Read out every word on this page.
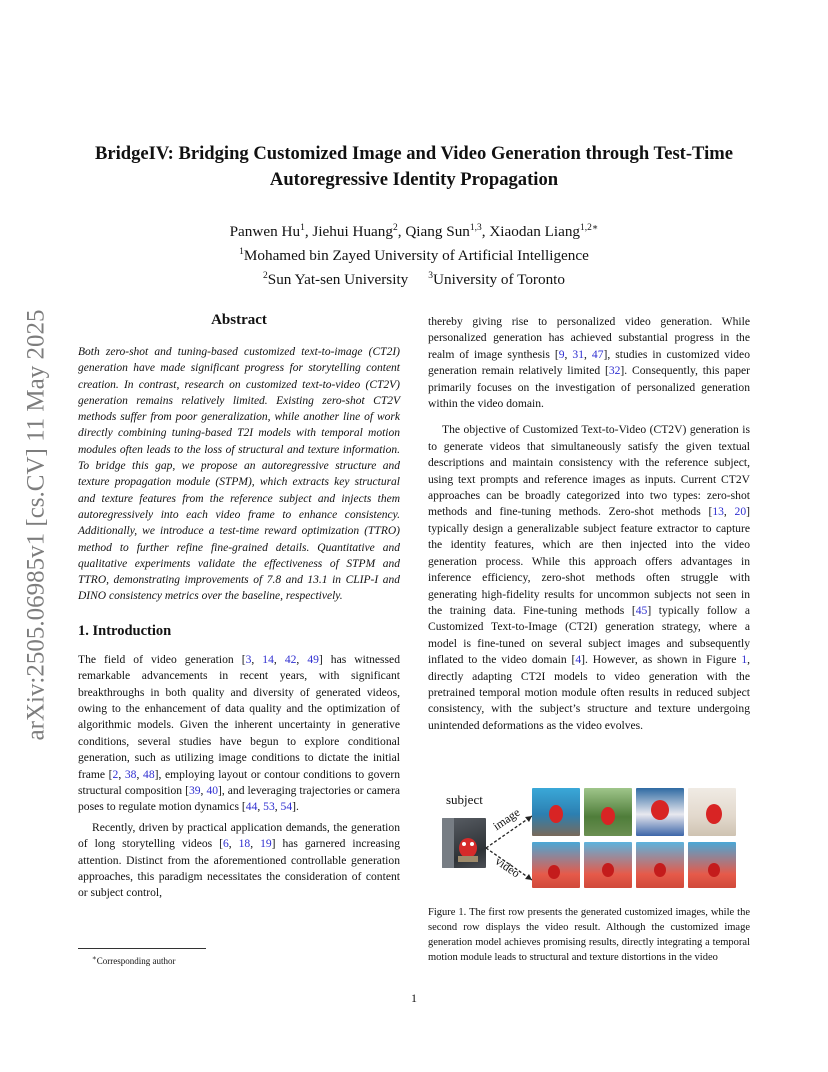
arXiv:2505.06985v1 [cs.CV] 11 May 2025
BridgeIV: Bridging Customized Image and Video Generation through Test-Time
Autoregressive Identity Propagation
Panwen Hu$^1$, Jiehui Huang$^2$, Qiang Sun$^{1,3}$, Xiaodan Liang$^{1,2∗}$
$^1$Mohamed bin Zayed University of Artificial Intelligence
$^2$Sun Yat-sen University $^3$University of Toronto
Abstract

Both zero-shot and tuning-based customized text-to-image (CT2I) generation have made significant progress for storytelling content creation. In contrast, research on customized text-to-video (CT2V) generation remains relatively limited. Existing zero-shot CT2V methods suffer from poor generalization, while another line of work directly combining tuning-based T2I models with temporal motion modules often leads to the loss of structural and texture information. To bridge this gap, we propose an autoregressive structure and texture propagation module (STPM), which extracts key structural and texture features from the reference subject and injects them autoregressively into each video frame to enhance consistency. Additionally, we introduce a test-time reward optimization (TTRO) method to further refine fine-grained details. Quantitative and qualitative experiments validate the effectiveness of STPM and TTRO, demonstrating improvements of 7.8 and 13.1 in CLIP-I and DINO consistency metrics over the baseline, respectively.

1. Introduction

The field of video generation [3, 14, 42, 49] has witnessed remarkable advancements in recent years, with significant breakthroughs in both quality and diversity of generated videos, owing to the enhancement of data quality and the optimization of algorithmic models. Given the inherent uncertainty in generative conditions, several studies have begun to explore conditional generation, such as utilizing image conditions to dictate the initial frame [2, 38, 48], employing layout or contour conditions to govern structural composition [39, 40], and leveraging trajectories or camera poses to regulate motion dynamics [44, 53, 54].

Recently, driven by practical application demands, the generation of long storytelling videos [6, 18, 19] has garnered increasing attention. Distinct from the aforementioned controllable generation approaches, this paradigm necessitates the consideration of content or subject control,

∗Corresponding author

thereby giving rise to personalized video generation. While personalized generation has achieved substantial progress in the realm of image synthesis [9, 31, 47], studies in customized video generation remain relatively limited [32]. Consequently, this paper primarily focuses on the investigation of personalized generation within the video domain.

The objective of Customized Text-to-Video (CT2V) generation is to generate videos that simultaneously satisfy the given textual descriptions and maintain consistency with the reference subject, using text prompts and reference images as inputs. Current CT2V approaches can be broadly categorized into two types: zero-shot methods and fine-tuning methods. Zero-shot methods [13, 20] typically design a generalizable subject feature extractor to capture the identity features, which are then injected into the video generation process. While this approach offers advantages in inference efficiency, zero-shot methods often struggle with generating high-fidelity results for uncommon subjects not seen in the training data. Fine-tuning methods [45] typically follow a Customized Text-to-Image (CT2I) generation strategy, where a model is fine-tuned on several subject images and subsequently inflated to the video domain [4]. However, as shown in Figure 1, directly adapting CT2I models to video generation with the pretrained temporal motion module often results in reduced subject consistency, with the subject’s structure and texture undergoing unintended deformations as the video evolves.

subject
image
video

Figure 1. The first row presents the generated customized images, while the second row displays the video result. Although the customized image generation model achieves promising results, directly integrating a temporal motion module leads to structural and texture distortions in the video

1
